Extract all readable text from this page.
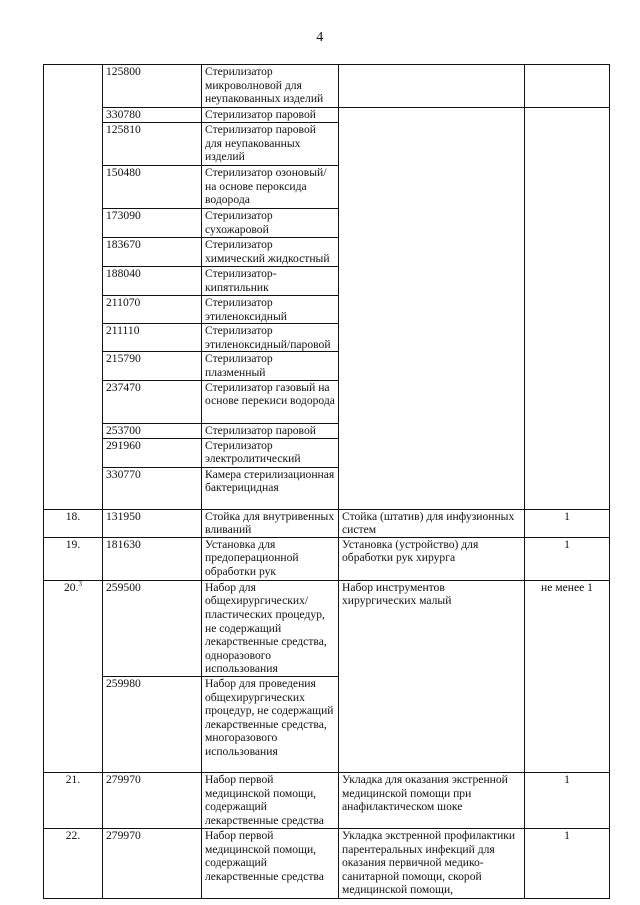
4
	125800	Стерилизатор микроволновой для неупакованных изделий		
	330780	Стерилизатор паровой		
	125810	Стерилизатор паровой для неупакованных изделий		
	150480	Стерилизатор озоновый/на основе пероксида водорода		
	173090	Стерилизатор сухожаровой		
	183670	Стерилизатор химический жидкостный		
	188040	Стерилизатор-кипятильник		
	211070	Стерилизатор этиленоксидный		
	211110	Стерилизатор этиленоксидный/паровой		
	215790	Стерилизатор плазменный		
	237470	Стерилизатор газовый на основе перекиси водорода		
	253700	Стерилизатор паровой		
	291960	Стерилизатор электролитический		
	330770	Камера стерилизационная бактерицидная		
18.	131950	Стойка для внутривенных вливаний	Стойка (штатив) для инфузионных систем	1
19.	181630	Установка для предоперационной обработки рук	Установка (устройство) для обработки рук хирурга	1
20.$^3$	259500	Набор для общехирургических/пластических процедур, не содержащий лекарственные средства, одноразового использования	Набор инструментов хирургических малый	не менее 1
	259980	Набор для проведения общехирургических процедур, не содержащий лекарственные средства, многоразового использования		
21.	279970	Набор первой медицинской помощи, содержащий лекарственные средства	Укладка для оказания экстренной медицинской помощи при анафилактическом шоке	1
22.	279970	Набор первой медицинской помощи, содержащий лекарственные средства	Укладка экстренной профилактики парентеральных инфекций для оказания первичной медико-санитарной помощи, скорой медицинской помощи,	1
